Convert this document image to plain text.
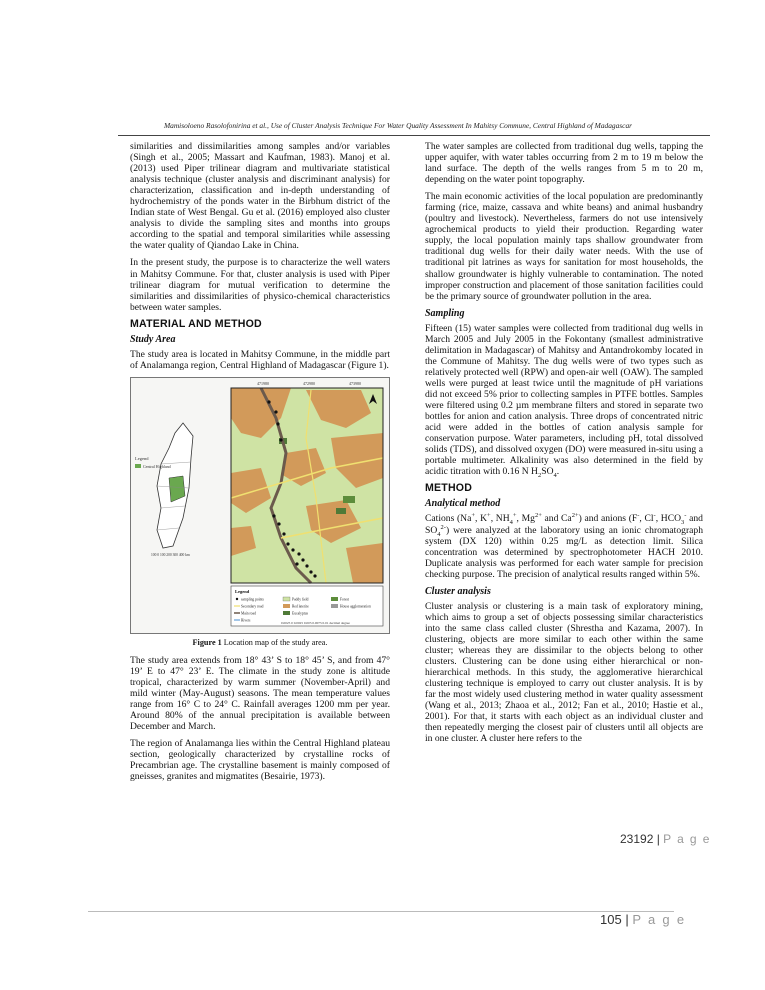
Mamisoloeno Rasolofonirina et al., Use of Cluster Analysis Technique For Water Quality Assessment In Mahitsy Commune, Central Highland of Madagascar

similarities and dissimilarities among samples and/or variables (Singh et al., 2005; Massart and Kaufman, 1983). Manoj et al. (2013) used Piper trilinear diagram and multivariate statistical analysis technique (cluster analysis and discriminant analysis) for characterization, classification and in-depth understanding of hydrochemistry of the ponds water in the Birbhum district of the Indian state of West Bengal. Gu et al. (2016) employed also cluster analysis to divide the sampling sites and months into groups according to the spatial and temporal similarities while assessing the water quality of Qiandao Lake in China.

In the present study, the purpose is to characterize the well waters in Mahitsy Commune. For that, cluster analysis is used with Piper trilinear diagram for mutual verification to determine the similarities and dissimilarities of physico-chemical characteristics between water samples.

MATERIAL AND METHOD
Study Area

The study area is located in Mahitsy Commune, in the middle part of Analamanga region, Central Highland of Madagascar (Figure 1).

471980	472980	473980
Legend
Central Highland
100 0 100 200 300 400 km
Legend
sampling points	Paddy field	Forest
Secondary road	Red laterite	House agglomeration
Main road	Eucalyptus
Rivers
0.0025 0 0.0025 0.005 0.0075 0.01 decimal degree
Figure 1 Location map of the study area.

The study area extends from 18° 43’ S to 18° 45’ S, and from 47° 19’ E to 47° 23’ E. The climate in the study zone is altitude tropical, characterized by warm summer (November-April) and mild winter (May-August) seasons. The mean temperature values range from 16° C to 24° C. Rainfall averages 1200 mm per year. Around 80% of the annual precipitation is available between December and March.

The region of Analamanga lies within the Central Highland plateau section, geologically characterized by crystalline rocks of Precambrian age. The crystalline basement is mainly composed of gneisses, granites and migmatites (Besairie, 1973).

The water samples are collected from traditional dug wells, tapping the upper aquifer, with water tables occurring from 2 m to 19 m below the land surface. The depth of the wells ranges from 5 m to 20 m, depending on the water point topography.

The main economic activities of the local population are predominantly farming (rice, maize, cassava and white beans) and animal husbandry (poultry and livestock). Nevertheless, farmers do not use intensively agrochemical products to yield their production. Regarding water supply, the local population mainly taps shallow groundwater from traditional dug wells for their daily water needs. With the use of traditional pit latrines as ways for sanitation for most households, the shallow groundwater is highly vulnerable to contamination. The noted improper construction and placement of those sanitation facilities could be the primary source of groundwater pollution in the area.

Sampling

Fifteen (15) water samples were collected from traditional dug wells in March 2005 and July 2005 in the Fokontany (smallest administrative delimitation in Madagascar) of Mahitsy and Antandrokomby located in the Commune of Mahitsy. The dug wells were of two types such as relatively protected well (RPW) and open-air well (OAW). The sampled wells were purged at least twice until the magnitude of pH variations did not exceed 5% prior to collecting samples in PTFE bottles. Samples were filtered using 0.2 µm membrane filters and stored in separate two bottles for anion and cation analysis. Three drops of concentrated nitric acid were added in the bottles of cation analysis sample for conservation purpose. Water parameters, including pH, total dissolved solids (TDS), and dissolved oxygen (DO) were measured in-situ using a portable multimeter. Alkalinity was also determined in the field by acidic titration with 0.16 N $H_2SO_4$.

METHOD
Analytical method

Cations (Na+, K+, $NH_4^+$, $Mg^{2+}$ and $Ca^{2+}$) and anions (F-, Cl-, $HCO_3^-$ and $SO_4^{2-}$) were analyzed at the laboratory using an ionic chromatograph system (DX 120) within 0.25 mg/L as detection limit. Silica concentration was determined by spectrophotometer HACH 2010. Duplicate analysis was performed for each water sample for precision checking purpose. The precision of analytical results ranged within 5%.

Cluster analysis

Cluster analysis or clustering is a main task of exploratory mining, which aims to group a set of objects possessing similar characteristics into the same class called cluster (Shrestha and Kazama, 2007). In clustering, objects are more similar to each other within the same cluster; whereas they are dissimilar to the objects belong to other clusters. Clustering can be done using either hierarchical or non-hierarchical methods. In this study, the agglomerative hierarchical clustering technique is employed to carry out cluster analysis. It is by far the most widely used clustering method in water quality assessment (Wang et al., 2013; Zhaoa et al., 2012; Fan et al., 2010; Hastie et al., 2001). For that, it starts with each object as an individual cluster and then repeatedly merging the closest pair of clusters until all objects are in one cluster. A cluster here refers to the

23192 | P a g e
105 | P a g e
